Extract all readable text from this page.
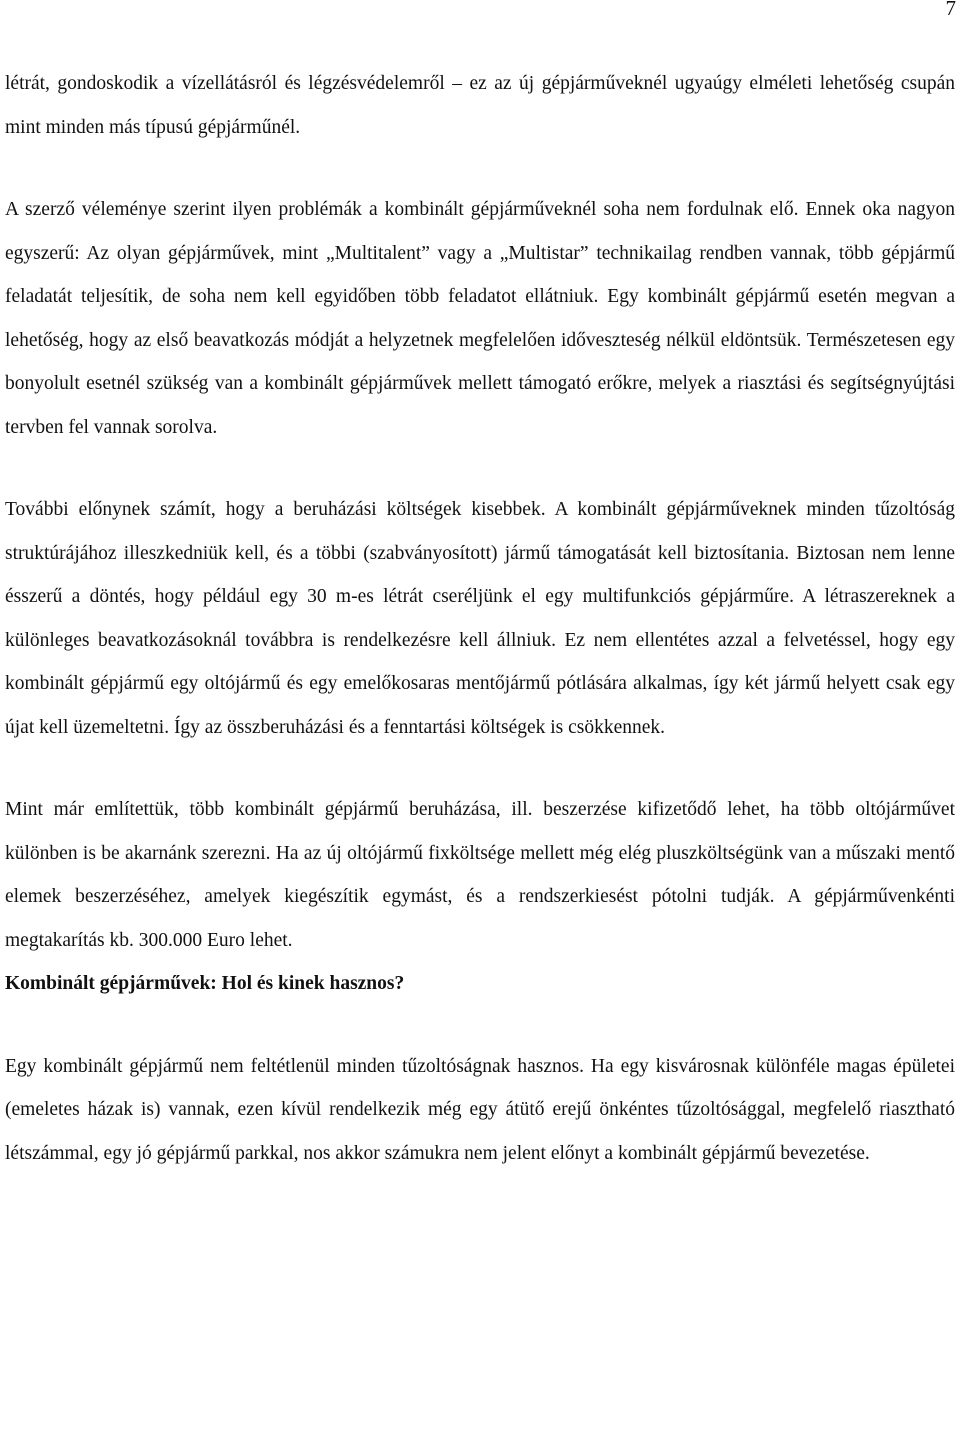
7

létrát, gondoskodik a vízellátásról és légzésvédelemről – ez az új gépjárműveknél ugyaúgy elméleti lehetőség csupán mint minden más típusú gépjárműnél.

A szerző véleménye szerint ilyen problémák a kombinált gépjárműveknél soha nem fordulnak elő. Ennek oka nagyon egyszerű: Az olyan gépjárművek, mint „Multitalent” vagy a „Multistar” technikailag rendben vannak, több gépjármű feladatát teljesítik, de soha nem kell egyidőben több feladatot ellátniuk. Egy kombinált gépjármű esetén megvan a lehetőség, hogy az első beavatkozás módját a helyzetnek megfelelően időveszteség nélkül eldöntsük. Természetesen egy bonyolult esetnél szükség van a kombinált gépjárművek mellett támogató erőkre, melyek a riasztási és segítségnyújtási tervben fel vannak sorolva.

További előnynek számít, hogy a beruházási költségek kisebbek. A kombinált gépjárműveknek minden tűzoltóság struktúrájához illeszkedniük kell, és a többi (szabványosított) jármű támogatását kell biztosítania. Biztosan nem lenne ésszerű a döntés, hogy például egy 30 m-es létrát cseréljünk el egy multifunkciós gépjárműre. A létraszereknek a különleges beavatkozásoknál továbbra is rendelkezésre kell állniuk. Ez nem ellentétes azzal a felvetéssel, hogy egy kombinált gépjármű egy oltójármű és egy emelőkosaras mentőjármű pótlására alkalmas, így két jármű helyett csak egy újat kell üzemeltetni. Így az összberuházási és a fenntartási költségek is csökkennek.

Mint már említettük, több kombinált gépjármű beruházása, ill. beszerzése kifizetődő lehet, ha több oltójárművet különben is be akarnánk szerezni. Ha az új oltójármű fixköltsége mellett még elég pluszköltségünk van a műszaki mentő elemek beszerzéséhez, amelyek kiegészítik egymást, és a rendszerkiesést pótolni tudják. A gépjárművenkénti megtakarítás kb. 300.000 Euro lehet.

Kombinált gépjárművek: Hol és kinek hasznos?

Egy kombinált gépjármű nem feltétlenül minden tűzoltóságnak hasznos. Ha egy kisvárosnak különféle magas épületei (emeletes házak is) vannak, ezen kívül rendelkezik még egy átütő erejű önkéntes tűzoltósággal, megfelelő riasztható létszámmal, egy jó gépjármű parkkal, nos akkor számukra nem jelent előnyt a kombinált gépjármű bevezetése.
